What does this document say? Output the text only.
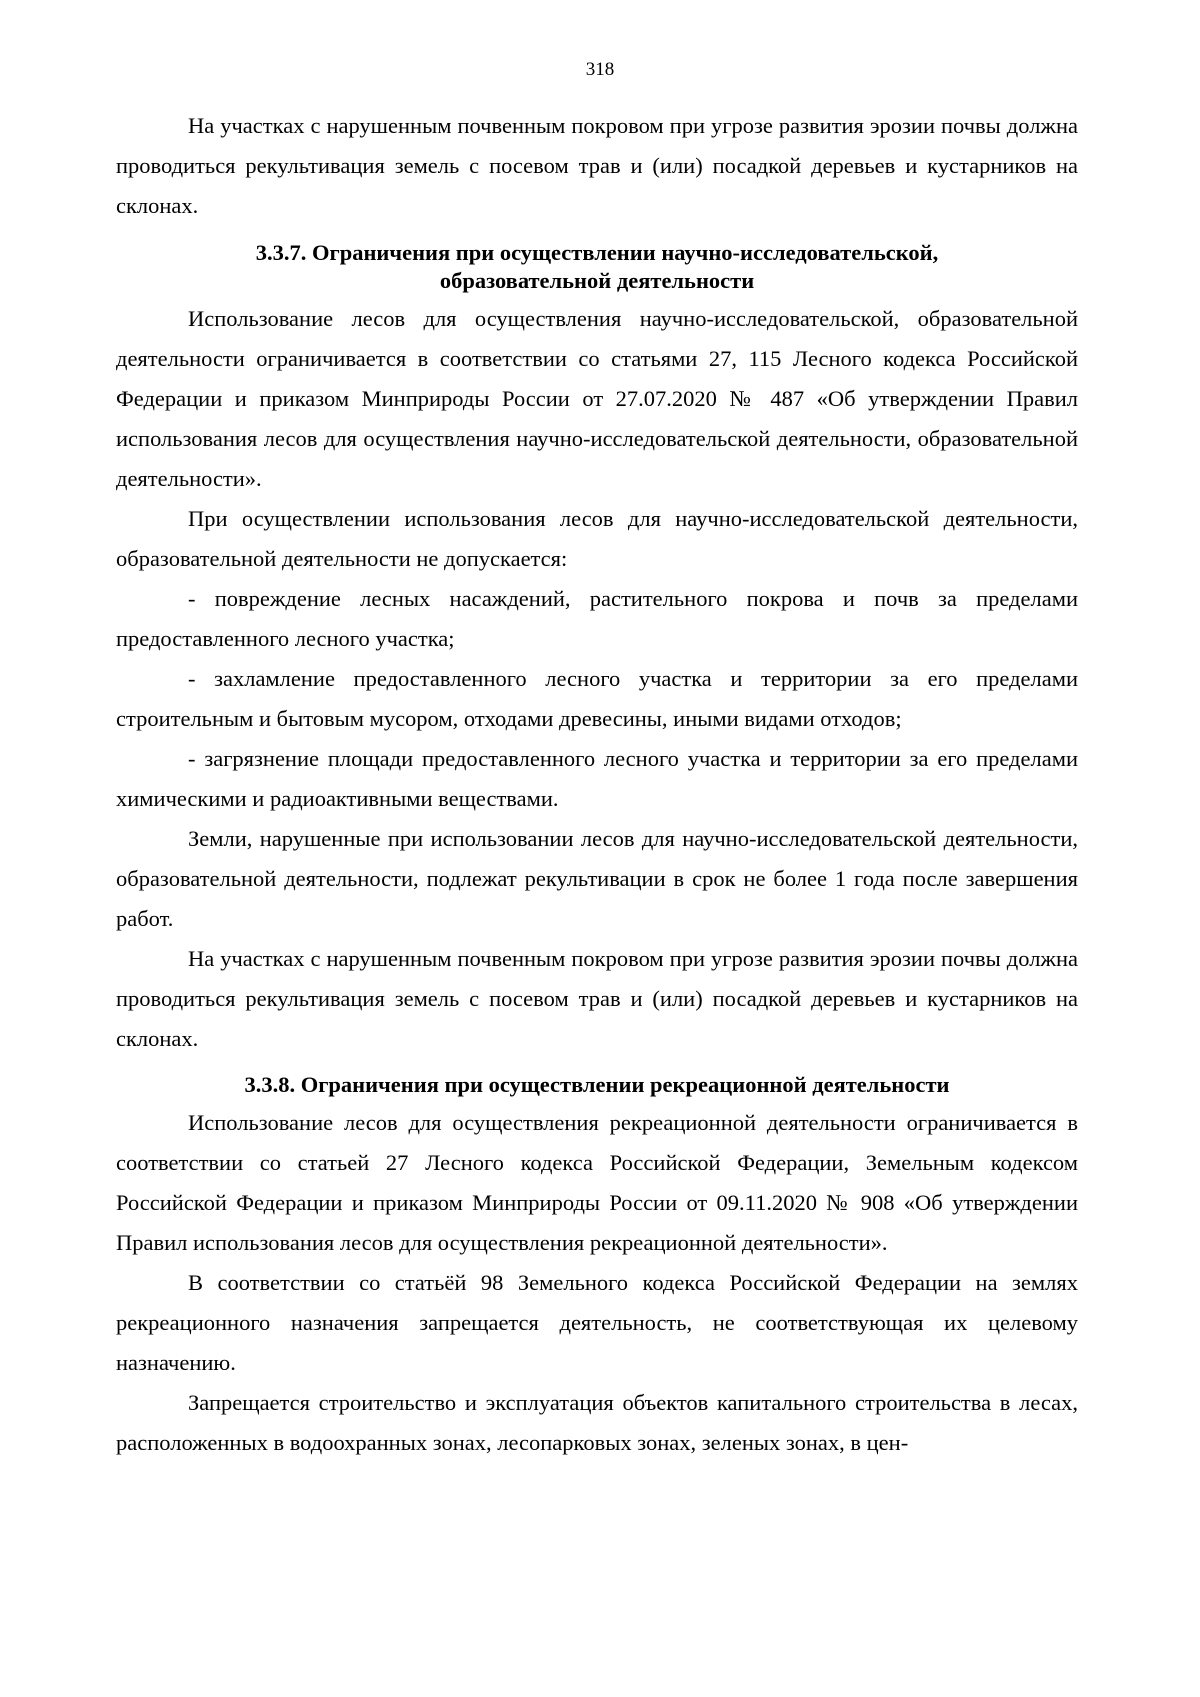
318

На участках с нарушенным почвенным покровом при угрозе развития эрозии почвы должна проводиться рекультивация земель с посевом трав и (или) посадкой деревьев и кустарников на склонах.

3.3.7. Ограничения при осуществлении научно-исследовательской,
образовательной деятельности

Использование лесов для осуществления научно-исследовательской, образовательной деятельности ограничивается в соответствии со статьями 27, 115 Лесного кодекса Российской Федерации и приказом Минприроды России от 27.07.2020 № 487 «Об утверждении Правил использования лесов для осуществления научно-исследовательской деятельности, образовательной деятельности».

При осуществлении использования лесов для научно-исследовательской деятельности, образовательной деятельности не допускается:

- повреждение лесных насаждений, растительного покрова и почв за пределами предоставленного лесного участка;

- захламление предоставленного лесного участка и территории за его пределами строительным и бытовым мусором, отходами древесины, иными видами отходов;

- загрязнение площади предоставленного лесного участка и территории за его пределами химическими и радиоактивными веществами.

Земли, нарушенные при использовании лесов для научно-исследовательской деятельности, образовательной деятельности, подлежат рекультивации в срок не более 1 года после завершения работ.

На участках с нарушенным почвенным покровом при угрозе развития эрозии почвы должна проводиться рекультивация земель с посевом трав и (или) посадкой деревьев и кустарников на склонах.

3.3.8. Ограничения при осуществлении рекреационной деятельности

Использование лесов для осуществления рекреационной деятельности ограничивается в соответствии со статьей 27 Лесного кодекса Российской Федерации, Земельным кодексом Российской Федерации и приказом Минприроды России от 09.11.2020 № 908 «Об утверждении Правил использования лесов для осуществления рекреационной деятельности».

В соответствии со статьёй 98 Земельного кодекса Российской Федерации на землях рекреационного назначения запрещается деятельность, не соответствующая их целевому назначению.

Запрещается строительство и эксплуатация объектов капитального строительства в лесах, расположенных в водоохранных зонах, лесопарковых зонах, зеленых зонах, в цен-
